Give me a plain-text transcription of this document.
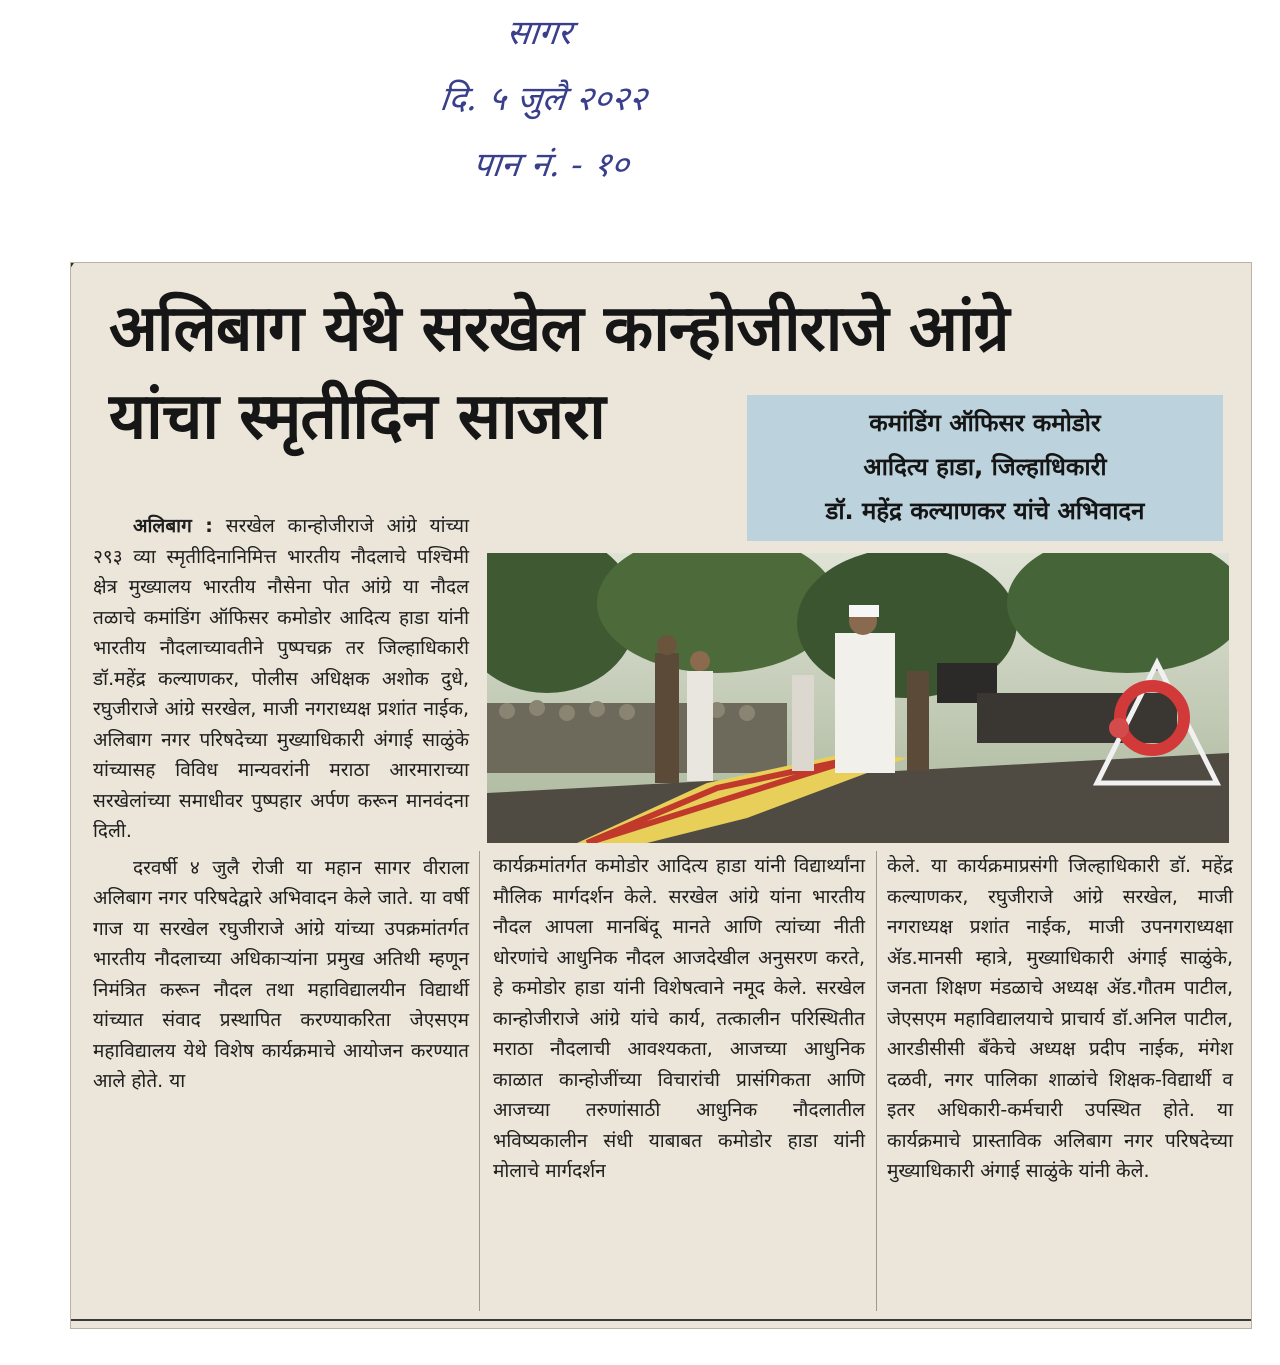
सागर
दि. ५ जुलै २०२२
पान नं. - १०
अलिबाग येथे सरखेल कान्होजीराजे आंग्रे
यांचा स्मृतीदिन साजरा	कमांडिंग ऑफिसर कमोडोर
आदित्य हाडा, जिल्हाधिकारी
डॉ. महेंद्र कल्याणकर यांचे अभिवादन

अलिबाग : सरखेल कान्होजीराजे आंग्रे यांच्या २९३ व्या स्मृतीदिनानिमित्त भारतीय नौदलाचे पश्चिमी क्षेत्र मुख्यालय भारतीय नौसेना पोत आंग्रे या नौदल तळाचे कमांडिंग ऑफिसर कमोडोर आदित्य हाडा यांनी भारतीय नौदलाच्यावतीने पुष्पचक्र तर जिल्हाधिकारी डॉ.महेंद्र कल्याणकर, पोलीस अधिक्षक अशोक दुधे, रघुजीराजे आंग्रे सरखेल, माजी नगराध्यक्ष प्रशांत नाईक, अलिबाग नगर परिषदेच्या मुख्याधिकारी अंगाई साळुंके यांच्यासह विविध मान्यवरांनी मराठा आरमाराच्या सरखेलांच्या समाधीवर पुष्पहार अर्पण करून मानवंदना दिली.

दरवर्षी ४ जुलै रोजी या महान सागर वीराला अलिबाग नगर परिषदेद्वारे अभिवादन केले जाते. या वर्षी गाज या सरखेल रघुजीराजे आंग्रे यांच्या उपक्रमांतर्गत भारतीय नौदलाच्या अधिकाऱ्यांना प्रमुख अतिथी म्हणून निमंत्रित करून नौदल तथा महाविद्यालयीन विद्यार्थी यांच्यात संवाद प्रस्थापित करण्याकरिता जेएसएम महाविद्यालय येथे विशेष कार्यक्रमाचे आयोजन करण्यात आले होते. या

कार्यक्रमांतर्गत कमोडोर आदित्य हाडा यांनी विद्यार्थ्यांना मौलिक मार्गदर्शन केले. सरखेल आंग्रे यांना भारतीय नौदल आपला मानबिंदू मानते आणि त्यांच्या नीती धोरणांचे आधुनिक नौदल आजदेखील अनुसरण करते, हे कमोडोर हाडा यांनी विशेषत्वाने नमूद केले. सरखेल कान्होजीराजे आंग्रे यांचे कार्य, तत्कालीन परिस्थितीत मराठा नौदलाची आवश्यकता, आजच्या आधुनिक काळात कान्होजींच्या विचारांची प्रासंगिकता आणि आजच्या तरुणांसाठी आधुनिक नौदलातील भविष्यकालीन संधी याबाबत कमोडोर हाडा यांनी मोलाचे मार्गदर्शन

केले. या कार्यक्रमाप्रसंगी जिल्हाधिकारी डॉ. महेंद्र कल्याणकर, रघुजीराजे आंग्रे सरखेल, माजी नगराध्यक्ष प्रशांत नाईक, माजी उपनगराध्यक्षा ॲड.मानसी म्हात्रे, मुख्याधिकारी अंगाई साळुंके, जनता शिक्षण मंडळाचे अध्यक्ष ॲड.गौतम पाटील, जेएसएम महाविद्यालयाचे प्राचार्य डॉ.अनिल पाटील, आरडीसीसी बँकेचे अध्यक्ष प्रदीप नाईक, मंगेश दळवी, नगर पालिका शाळांचे शिक्षक-विद्यार्थी व इतर अधिकारी-कर्मचारी उपस्थित होते. या कार्यक्रमाचे प्रास्ताविक अलिबाग नगर परिषदेच्या मुख्याधिकारी अंगाई साळुंके यांनी केले.
